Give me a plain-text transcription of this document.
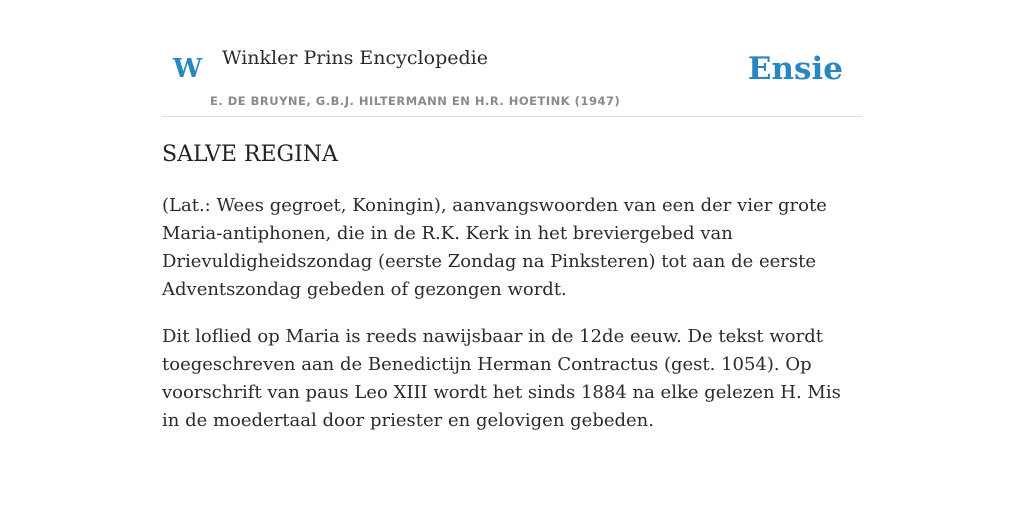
W Winkler Prins Encyclopedie
E. DE BRUYNE, G.B.J. HILTERMANN EN H.R. HOETINK (1947)
Ensie
SALVE REGINA

(Lat.: Wees gegroet, Koningin), aanvangswoorden van een der vier grote Maria-antiphonen, die in de R.K. Kerk in het breviergebed van Drievuldigheidszondag (eerste Zondag na Pinksteren) tot aan de eerste Adventszondag gebeden of gezongen wordt.

Dit loflied op Maria is reeds nawijsbaar in de 12de eeuw. De tekst wordt toegeschreven aan de Benedictijn Herman Contractus (gest. 1054). Op voorschrift van paus Leo XIII wordt het sinds 1884 na elke gelezen H. Mis in de moedertaal door priester en gelovigen gebeden.
